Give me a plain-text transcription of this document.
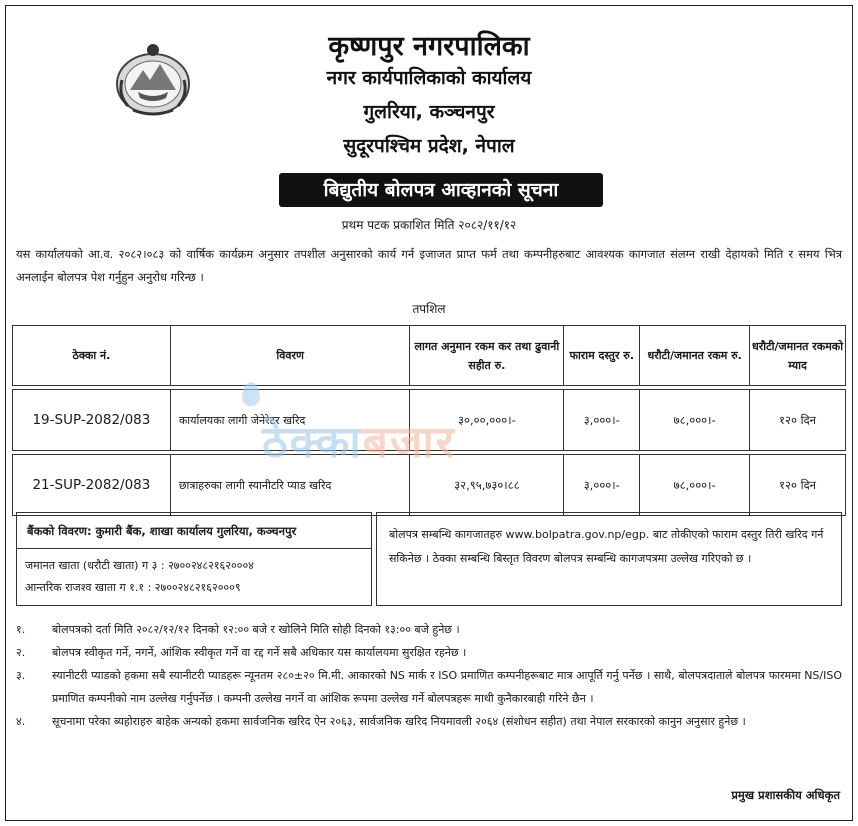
कृष्णपुर नगरपालिका
नगर कार्यपालिकाको कार्यालय
गुलरिया, कञ्चनपुर
सुदूरपश्चिम प्रदेश, नेपाल
बिद्युतीय बोलपत्र आव्हानको सूचना
प्रथम पटक प्रकाशित मिति २०८२/११/१२

यस कार्यालयको आ.व. २०८२।०८३ को वार्षिक कार्यक्रम अनुसार तपशील अनुसारको कार्य गर्न इजाजत प्राप्त फर्म तथा कम्पनीहरुबाट आवश्यक कागजात संलग्न राखी देहायको मिति र समय भित्र अनलाईन बोलपत्र पेश गर्नुहुन अनुरोध गरिन्छ ।

तपशिल
ठेक्का नं.	विवरण	लागत अनुमान रकम कर तथा ढुवानी सहीत रु.	फाराम दस्तुर रु.	धरौटी/जमानत रकम रु.	धरौटी/जमानत रकमको म्याद

19-SUP-2082/083	कार्यालयका लागी जेनेरेटर खरिद	३०,००,०००।-	३,०००।-	७८,०००।-	१२० दिन

21-SUP-2082/083	छात्राहरुका लागी स्यानीटरि प्याड खरिद	३२,९५,७३०।८८	३,०००।-	७८,०००।-	१२० दिन
ठेक्काबजार
बैंकको विवरण: कुमारी बैंक, शाखा कार्यालय गुलरिया, कञ्चनपुर
जमानत खाता (धरौटी खाता) ग ३ : २७००२४८२१६२०००४
आन्तरिक राजश्व खाता ग १.१ : २७००२४८२१६२०००९
बोलपत्र सम्बन्धि कागजातहरु www.bolpatra.gov.np/egp. बाट तोकीएको फाराम दस्तुर तिरी खरिद गर्न सकिनेछ । ठेक्का सम्बन्धि बिस्तृत विवरण बोलपत्र सम्बन्धि कागजपत्रमा उल्लेख गरिएको छ ।
१.	बोलपत्रको दर्ता मिति २०८२/१२/१२ दिनको १२:०० बजे र खोलिने मिति सोही दिनको १३:०० बजे हुनेछ ।
२.	बोलपत्र स्वीकृत गर्ने, नगर्ने, आंशिक स्वीकृत गर्ने वा रद्द गर्ने सबै अधिकार यस कार्यालयमा सुरक्षित रहनेछ ।
३.	स्यानीटरी प्याडको हकमा सबै स्यानीटरी प्याडहरू न्यूनतम २८०±२० मि.मी. आकारको NS मार्क र ISO प्रमाणित कम्पनीहरूबाट मात्र आपूर्ति गर्नु पर्नेछ । साथै, बोलपत्रदाताले बोलपत्र फारममा NS/ISO प्रमाणित कम्पनीको नाम उल्लेख गर्नुपर्नेछ । कम्पनी उल्लेख नगर्ने वा आंशिक रूपमा उल्लेख गर्ने बोलपत्रहरू माथी कुनैकारबाही गरिने छैन ।
४.	सूचनामा परेका ब्यहोराहरु बाहेक अन्यको हकमा सार्वजनिक खरिद ऐन २०६३, सार्वजनिक खरिद नियमावली २०६४ (संशोधन सहीत) तथा नेपाल सरकारको कानुन अनुसार हुनेछ ।
प्रमुख प्रशासकीय अधिकृत
